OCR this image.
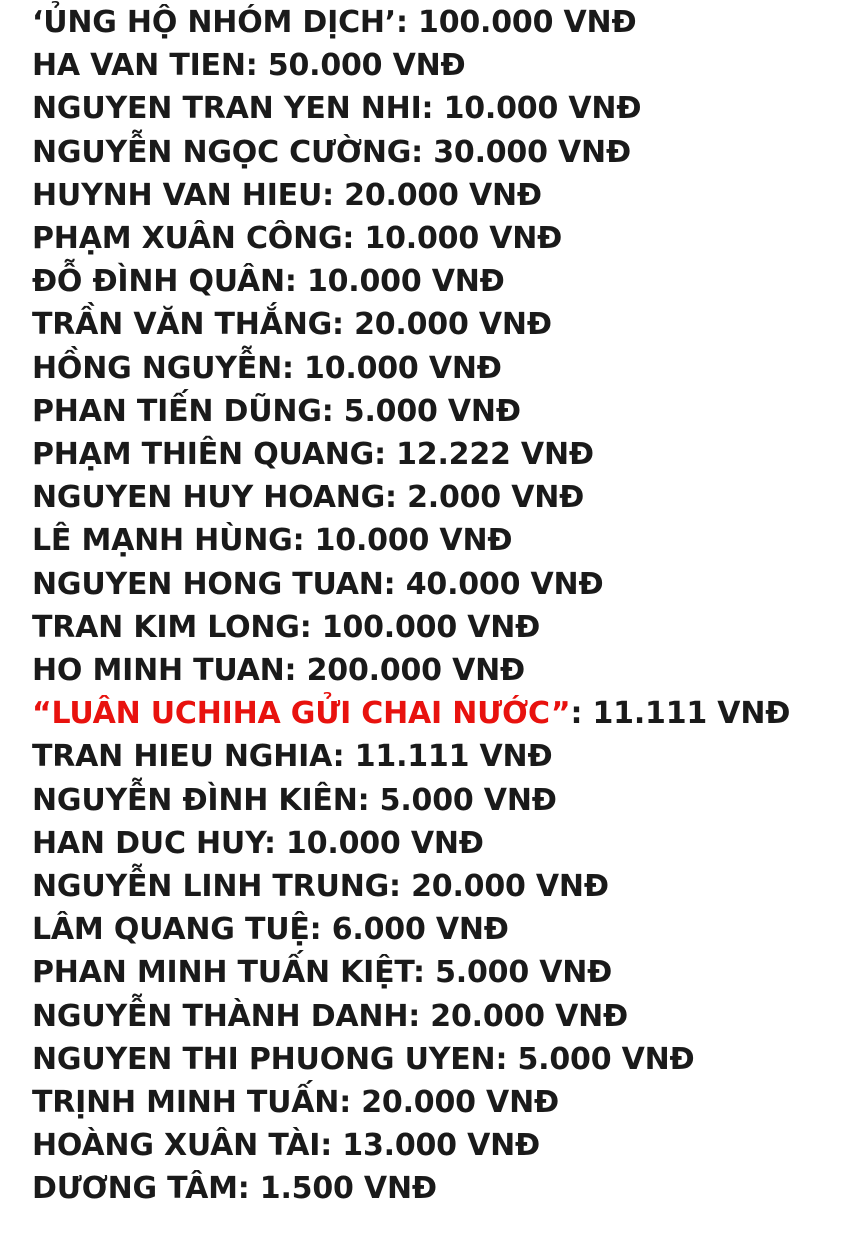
‘ỦNG HỘ NHÓM DỊCH’: 100.000 VNĐ
HA VAN TIEN: 50.000 VNĐ
NGUYEN TRAN YEN NHI: 10.000 VNĐ
NGUYỄN NGỌC CƯỜNG: 30.000 VNĐ
HUYNH VAN HIEU: 20.000 VNĐ
PHẠM XUÂN CÔNG: 10.000 VNĐ
ĐỖ ĐÌNH QUÂN: 10.000 VNĐ
TRẦN VĂN THẮNG: 20.000 VNĐ
HỒNG NGUYỄN: 10.000 VNĐ
PHAN TIẾN DŨNG: 5.000 VNĐ
PHẠM THIÊN QUANG: 12.222 VNĐ
NGUYEN HUY HOANG: 2.000 VNĐ
LÊ MẠNH HÙNG: 10.000 VNĐ
NGUYEN HONG TUAN: 40.000 VNĐ
TRAN KIM LONG: 100.000 VNĐ
HO MINH TUAN: 200.000 VNĐ
“LUÂN UCHIHA GỬI CHAI NƯỚC”: 11.111 VNĐ
TRAN HIEU NGHIA: 11.111 VNĐ
NGUYỄN ĐÌNH KIÊN: 5.000 VNĐ
HAN DUC HUY: 10.000 VNĐ
NGUYỄN LINH TRUNG: 20.000 VNĐ
LÂM QUANG TUỆ: 6.000 VNĐ
PHAN MINH TUẤN KIỆT: 5.000 VNĐ
NGUYỄN THÀNH DANH: 20.000 VNĐ
NGUYEN THI PHUONG UYEN: 5.000 VNĐ
TRỊNH MINH TUẤN: 20.000 VNĐ
HOÀNG XUÂN TÀI: 13.000 VNĐ
DƯƠNG TÂM: 1.500 VNĐ
